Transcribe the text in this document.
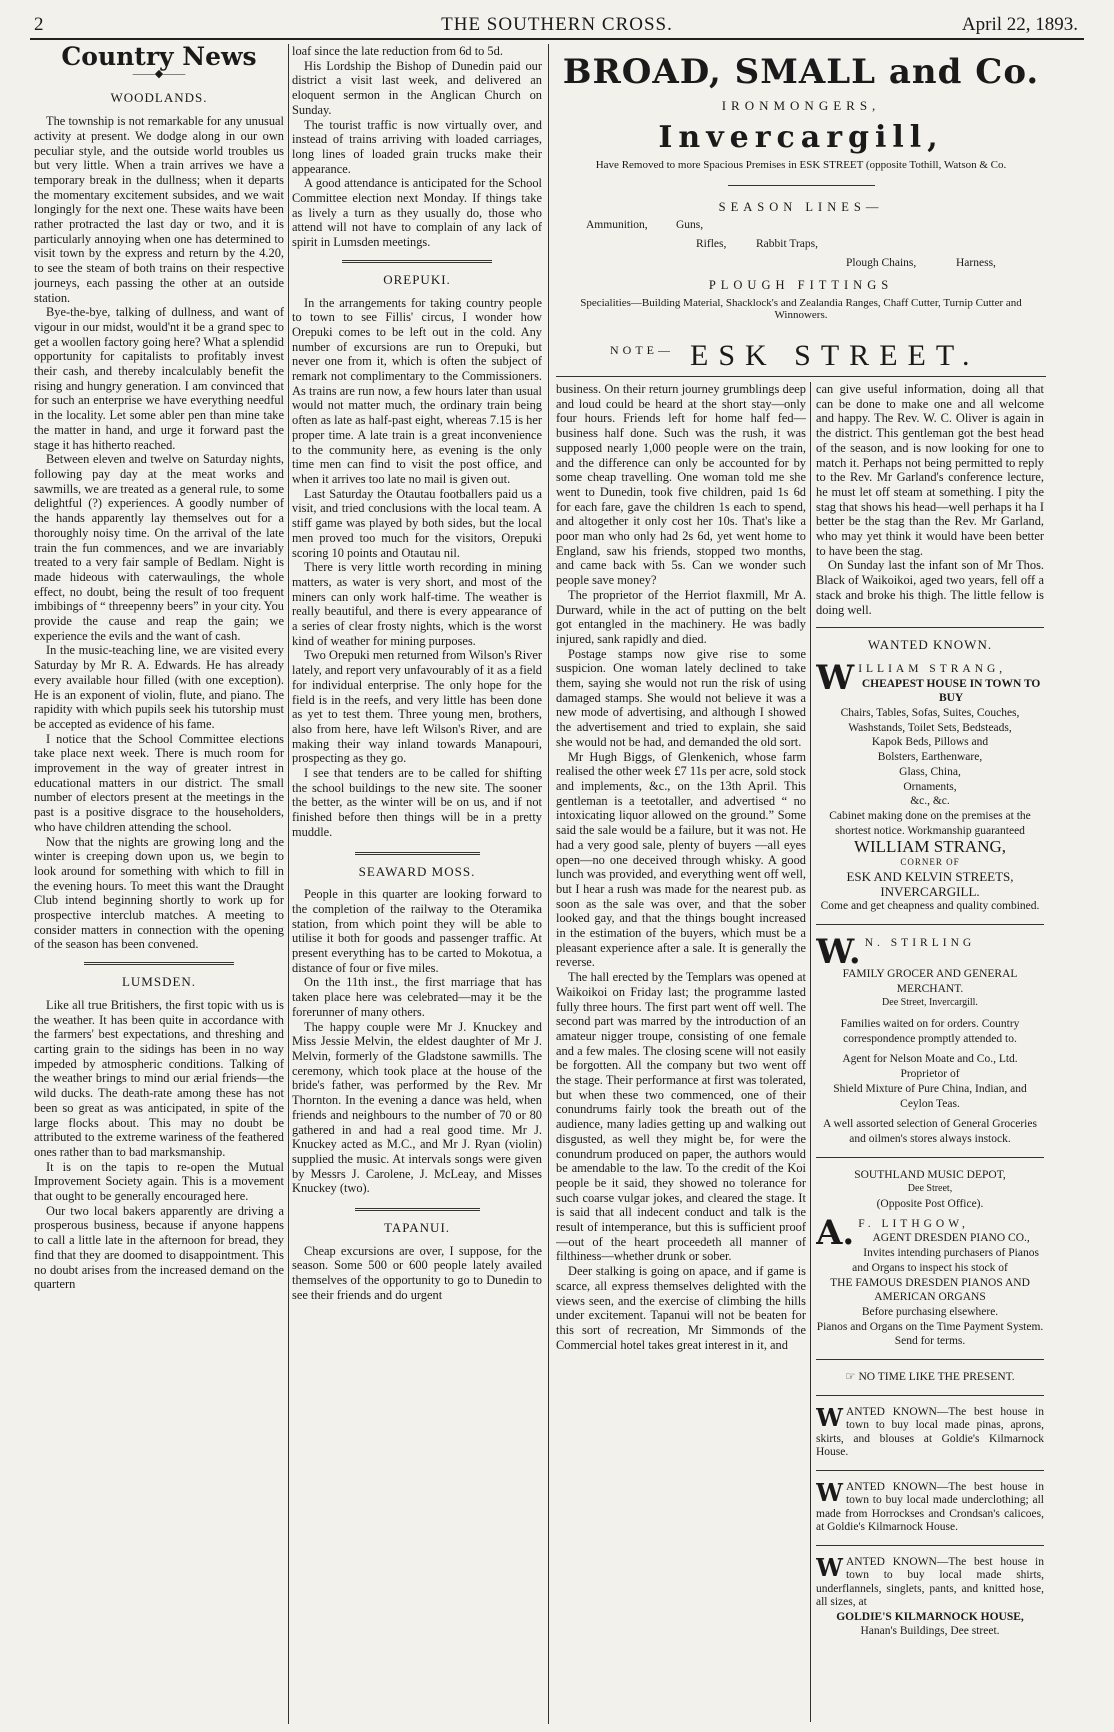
2	THE SOUTHERN CROSS.	April 22, 1893.
Country News
——◆——
WOODLANDS.

The township is not remarkable for any unusual activity at present. We dodge along in our own peculiar style, and the outside world troubles us but very little. When a train arrives we have a temporary break in the dullness; when it departs the momentary excitement subsides, and we wait longingly for the next one. These waits have been rather protracted the last day or two, and it is particularly annoying when one has determined to visit town by the express and return by the 4.20, to see the steam of both trains on their respective journeys, each passing the other at an outside station.

Bye-the-bye, talking of dullness, and want of vigour in our midst, would'nt it be a grand spec to get a woollen factory going here? What a splendid opportunity for capitalists to profitably invest their cash, and thereby incalculably benefit the rising and hungry generation. I am convinced that for such an enterprise we have everything needful in the locality. Let some abler pen than mine take the matter in hand, and urge it forward past the stage it has hitherto reached.

Between eleven and twelve on Saturday nights, following pay day at the meat works and sawmills, we are treated as a general rule, to some delightful (?) experiences. A goodly number of the hands apparently lay themselves out for a thoroughly noisy time. On the arrival of the late train the fun commences, and we are invariably treated to a very fair sample of Bedlam. Night is made hideous with caterwaulings, the whole effect, no doubt, being the result of too frequent imbibings of “ threepenny beers” in your city. You provide the cause and reap the gain; we experience the evils and the want of cash.

In the music-teaching line, we are visited every Saturday by Mr R. A. Edwards. He has already every available hour filled (with one exception). He is an exponent of violin, flute, and piano. The rapidity with which pupils seek his tutorship must be accepted as evidence of his fame.

I notice that the School Committee elections take place next week. There is much room for improvement in the way of greater intrest in educational matters in our district. The small number of electors present at the meetings in the past is a positive disgrace to the householders, who have children attending the school.

Now that the nights are growing long and the winter is creeping down upon us, we begin to look around for something with which to fill in the evening hours. To meet this want the Draught Club intend beginning shortly to work up for prospective interclub matches. A meeting to consider matters in connection with the opening of the season has been convened.

LUMSDEN.

Like all true Britishers, the first topic with us is the weather. It has been quite in accordance with the farmers' best expectations, and threshing and carting grain to the sidings has been in no way impeded by atmospheric conditions. Talking of the weather brings to mind our ærial friends—the wild ducks. The death-rate among these has not been so great as was anticipated, in spite of the large flocks about. This may no doubt be attributed to the extreme wariness of the feathered ones rather than to bad marksmanship.

It is on the tapis to re-open the Mutual Improvement Society again. This is a movement that ought to be generally encouraged here.

Our two local bakers apparently are driving a prosperous business, because if anyone happens to call a little late in the afternoon for bread, they find that they are doomed to disappointment. This no doubt arises from the increased demand on the quartern

loaf since the late reduction from 6d to 5d.

His Lordship the Bishop of Dunedin paid our district a visit last week, and delivered an eloquent sermon in the Anglican Church on Sunday.

The tourist traffic is now virtually over, and instead of trains arriving with loaded carriages, long lines of loaded grain trucks make their appearance.

A good attendance is anticipated for the School Committee election next Monday. If things take as lively a turn as they usually do, those who attend will not have to complain of any lack of spirit in Lumsden meetings.

OREPUKI.

In the arrangements for taking country people to town to see Fillis' circus, I wonder how Orepuki comes to be left out in the cold. Any number of excursions are run to Orepuki, but never one from it, which is often the subject of remark not complimentary to the Commissioners. As trains are run now, a few hours later than usual would not matter much, the ordinary train being often as late as half-past eight, whereas 7.15 is her proper time. A late train is a great inconvenience to the community here, as evening is the only time men can find to visit the post office, and when it arrives too late no mail is given out.

Last Saturday the Otautau footballers paid us a visit, and tried conclusions with the local team. A stiff game was played by both sides, but the local men proved too much for the visitors, Orepuki scoring 10 points and Otautau nil.

There is very little worth recording in mining matters, as water is very short, and most of the miners can only work half-time. The weather is really beautiful, and there is every appearance of a series of clear frosty nights, which is the worst kind of weather for mining purposes.

Two Orepuki men returned from Wilson's River lately, and report very unfavourably of it as a field for individual enterprise. The only hope for the field is in the reefs, and very little has been done as yet to test them. Three young men, brothers, also from here, have left Wilson's River, and are making their way inland towards Manapouri, prospecting as they go.

I see that tenders are to be called for shifting the school buildings to the new site. The sooner the better, as the winter will be on us, and if not finished before then things will be in a pretty muddle.

SEAWARD MOSS.

People in this quarter are looking forward to the completion of the railway to the Oteramika station, from which point they will be able to utilise it both for goods and passenger traffic. At present everything has to be carted to Mokotua, a distance of four or five miles.

On the 11th inst., the first marriage that has taken place here was celebrated—may it be the forerunner of many others.

The happy couple were Mr J. Knuckey and Miss Jessie Melvin, the eldest daughter of Mr J. Melvin, formerly of the Gladstone sawmills. The ceremony, which took place at the house of the bride's father, was performed by the Rev. Mr Thornton. In the evening a dance was held, when friends and neighbours to the number of 70 or 80 gathered in and had a real good time. Mr J. Knuckey acted as M.C., and Mr J. Ryan (violin) supplied the music. At intervals songs were given by Messrs J. Carolene, J. McLeay, and Misses Knuckey (two).

TAPANUI.

Cheap excursions are over, I suppose, for the season. Some 500 or 600 people lately availed themselves of the opportunity to go to Dunedin to see their friends and do urgent

BROAD, SMALL and Co.
IRONMONGERS,
Invercargill,
Have Removed to more Spacious Premises in ESK STREET (opposite Tothill, Watson & Co.
SEASON LINES—
Ammunition, Guns,
Rifles,	Rabbit Traps,
Plough Chains,	Harness,
PLOUGH FITTINGS
Specialities—Building Material, Shacklock's and Zealandia Ranges, Chaff Cutter, Turnip Cutter and Winnowers.
NOTE— ESK STREET.

business. On their return journey grumblings deep and loud could be heard at the short stay—only four hours. Friends left for home half fed—business half done. Such was the rush, it was supposed nearly 1,000 people were on the train, and the difference can only be accounted for by some cheap travelling. One woman told me she went to Dunedin, took five children, paid 1s 6d for each fare, gave the children 1s each to spend, and altogether it only cost her 10s. That's like a poor man who only had 2s 6d, yet went home to England, saw his friends, stopped two months, and came back with 5s. Can we wonder such people save money?

The proprietor of the Herriot flaxmill, Mr A. Durward, while in the act of putting on the belt got entangled in the machinery. He was badly injured, sank rapidly and died.

Postage stamps now give rise to some suspicion. One woman lately declined to take them, saying she would not run the risk of using damaged stamps. She would not believe it was a new mode of advertising, and although I showed the advertisement and tried to explain, she said she would not be had, and demanded the old sort.

Mr Hugh Biggs, of Glenkenich, whose farm realised the other week £7 11s per acre, sold stock and implements, &c., on the 13th April. This gentleman is a teetotaller, and advertised “ no intoxicating liquor allowed on the ground.” Some said the sale would be a failure, but it was not. He had a very good sale, plenty of buyers —all eyes open—no one deceived through whisky. A good lunch was provided, and everything went off well, but I hear a rush was made for the nearest pub. as soon as the sale was over, and that the sober looked gay, and that the things bought increased in the estimation of the buyers, which must be a pleasant experience after a sale. It is generally the reverse.

The hall erected by the Templars was opened at Waikoikoi on Friday last; the programme lasted fully three hours. The first part went off well. The second part was marred by the introduction of an amateur nigger troupe, consisting of one female and a few males. The closing scene will not easily be forgotten. All the company but two went off the stage. Their performance at first was tolerated, but when these two commenced, one of their conundrums fairly took the breath out of the audience, many ladies getting up and walking out disgusted, as well they might be, for were the conundrum produced on paper, the authors would be amendable to the law. To the credit of the Koi people be it said, they showed no tolerance for such coarse vulgar jokes, and cleared the stage. It is said that all indecent conduct and talk is the result of intemperance, but this is sufficient proof—out of the heart proceedeth all manner of filthiness—whether drunk or sober.

Deer stalking is going on apace, and if game is scarce, all express themselves delighted with the views seen, and the exercise of climbing the hills under excitement. Tapanui will not be beaten for this sort of recreation, Mr Simmonds of the Commercial hotel takes great interest in it, and

can give useful information, doing all that can be done to make one and all welcome and happy. The Rev. W. C. Oliver is again in the district. This gentleman got the best head of the season, and is now looking for one to match it. Perhaps not being permitted to reply to the Rev. Mr Garland's conference lecture, he must let off steam at something. I pity the stag that shows his head—well perhaps it ha I better be the stag than the Rev. Mr Garland, who may yet think it would have been better to have been the stag.

On Sunday last the infant son of Mr Thos. Black of Waikoikoi, aged two years, fell off a stack and broke his thigh. The little fellow is doing well.

WANTED KNOWN.
WILLIAM STRANG,
CHEAPEST HOUSE IN TOWN TO BUY
Chairs, Tables, Sofas, Suites, Couches,
Washstands, Toilet Sets, Bedsteads,
Kapok Beds, Pillows and
Bolsters, Earthenware,
Glass, China,
Ornaments,
&c., &c.
Cabinet making done on the premises at the shortest notice. Workmanship guaranteed
WILLIAM STRANG,
CORNER OF
ESK AND KELVIN STREETS,
INVERCARGILL.
Come and get cheapness and quality combined.
W. N. STIRLING
FAMILY GROCER AND GENERAL
MERCHANT.
Dee Street, Invercargill.
Families waited on for orders. Country correspondence promptly attended to.
Agent for Nelson Moate and Co., Ltd.
Proprietor of
Shield Mixture of Pure China, Indian, and Ceylon Teas.
A well assorted selection of General Groceries and oilmen's stores always instock.
SOUTHLAND MUSIC DEPOT,
Dee Street,
(Opposite Post Office).
A. F. LITHGOW,
AGENT DRESDEN PIANO CO.,
Invites intending purchasers of Pianos and Organs to inspect his stock of
THE FAMOUS DRESDEN PIANOS AND AMERICAN ORGANS
Before purchasing elsewhere.
Pianos and Organs on the Time Payment System. Send for terms.
☞ NO TIME LIKE THE PRESENT.
WANTED KNOWN—The best house in town to buy local made pinas, aprons, skirts, and blouses at Goldie's Kilmarnock House.
WANTED KNOWN—The best house in town to buy local made underclothing; all made from Horrockses and Crondsan's calicoes, at Goldie's Kilmarnock House.
WANTED KNOWN—The best house in town to buy local made shirts, underflannels, singlets, pants, and knitted hose, all sizes, at
GOLDIE'S KILMARNOCK HOUSE,
Hanan's Buildings, Dee street.
